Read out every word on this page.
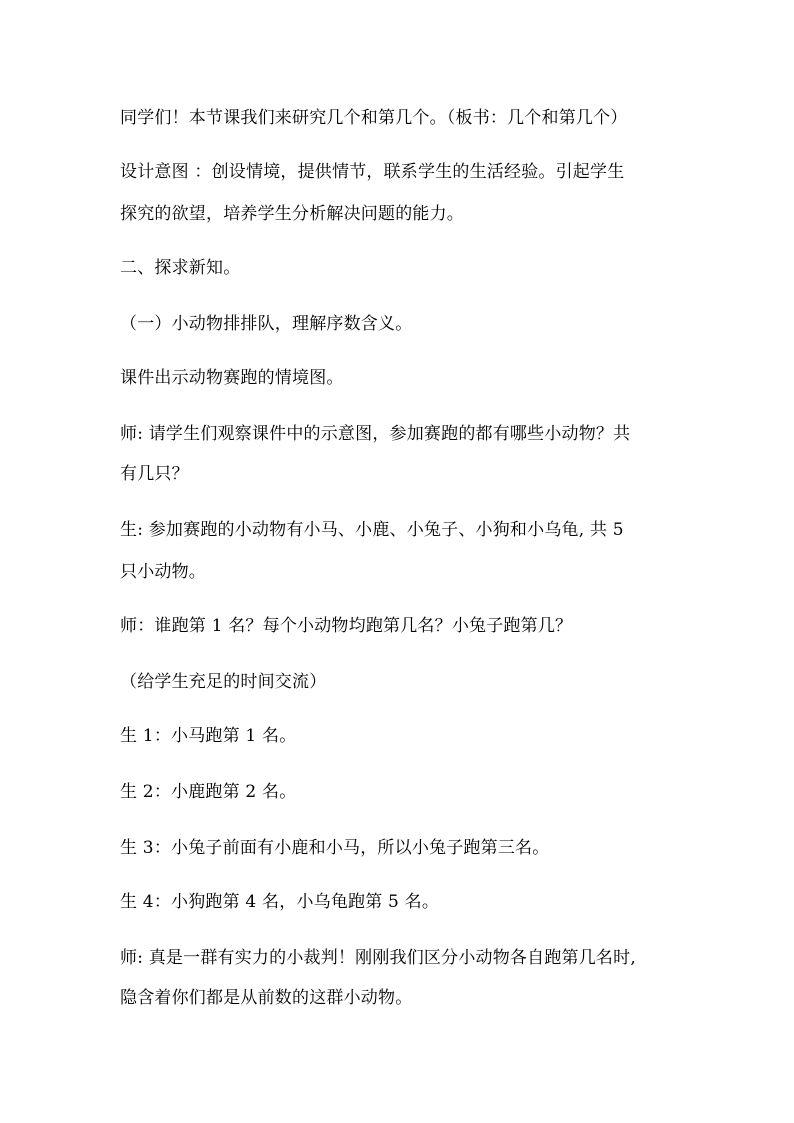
同学们！本节课我们来研究几个和第几个。（板书：几个和第几个）
设计意图 ：创设情境，提供情节，联系学生的生活经验。引起学生
探究的欲望，培养学生分析解决问题的能力。
二、探求新知。
（一）小动物排排队，理解序数含义。
课件出示动物赛跑的情境图。
师: 请学生们观察课件中的示意图，参加赛跑的都有哪些小动物？共
有几只？
生: 参加赛跑的小动物有小马、小鹿、小兔子、小狗和小乌龟, 共 5
只小动物。
师：谁跑第 1 名？每个小动物均跑第几名？小兔子跑第几？
（给学生充足的时间交流）
生 1：小马跑第 1 名。
生 2：小鹿跑第 2 名。
生 3：小兔子前面有小鹿和小马，所以小兔子跑第三名。
生 4：小狗跑第 4 名，小乌龟跑第 5 名。
师: 真是一群有实力的小裁判！刚刚我们区分小动物各自跑第几名时,
隐含着你们都是从前数的这群小动物。
